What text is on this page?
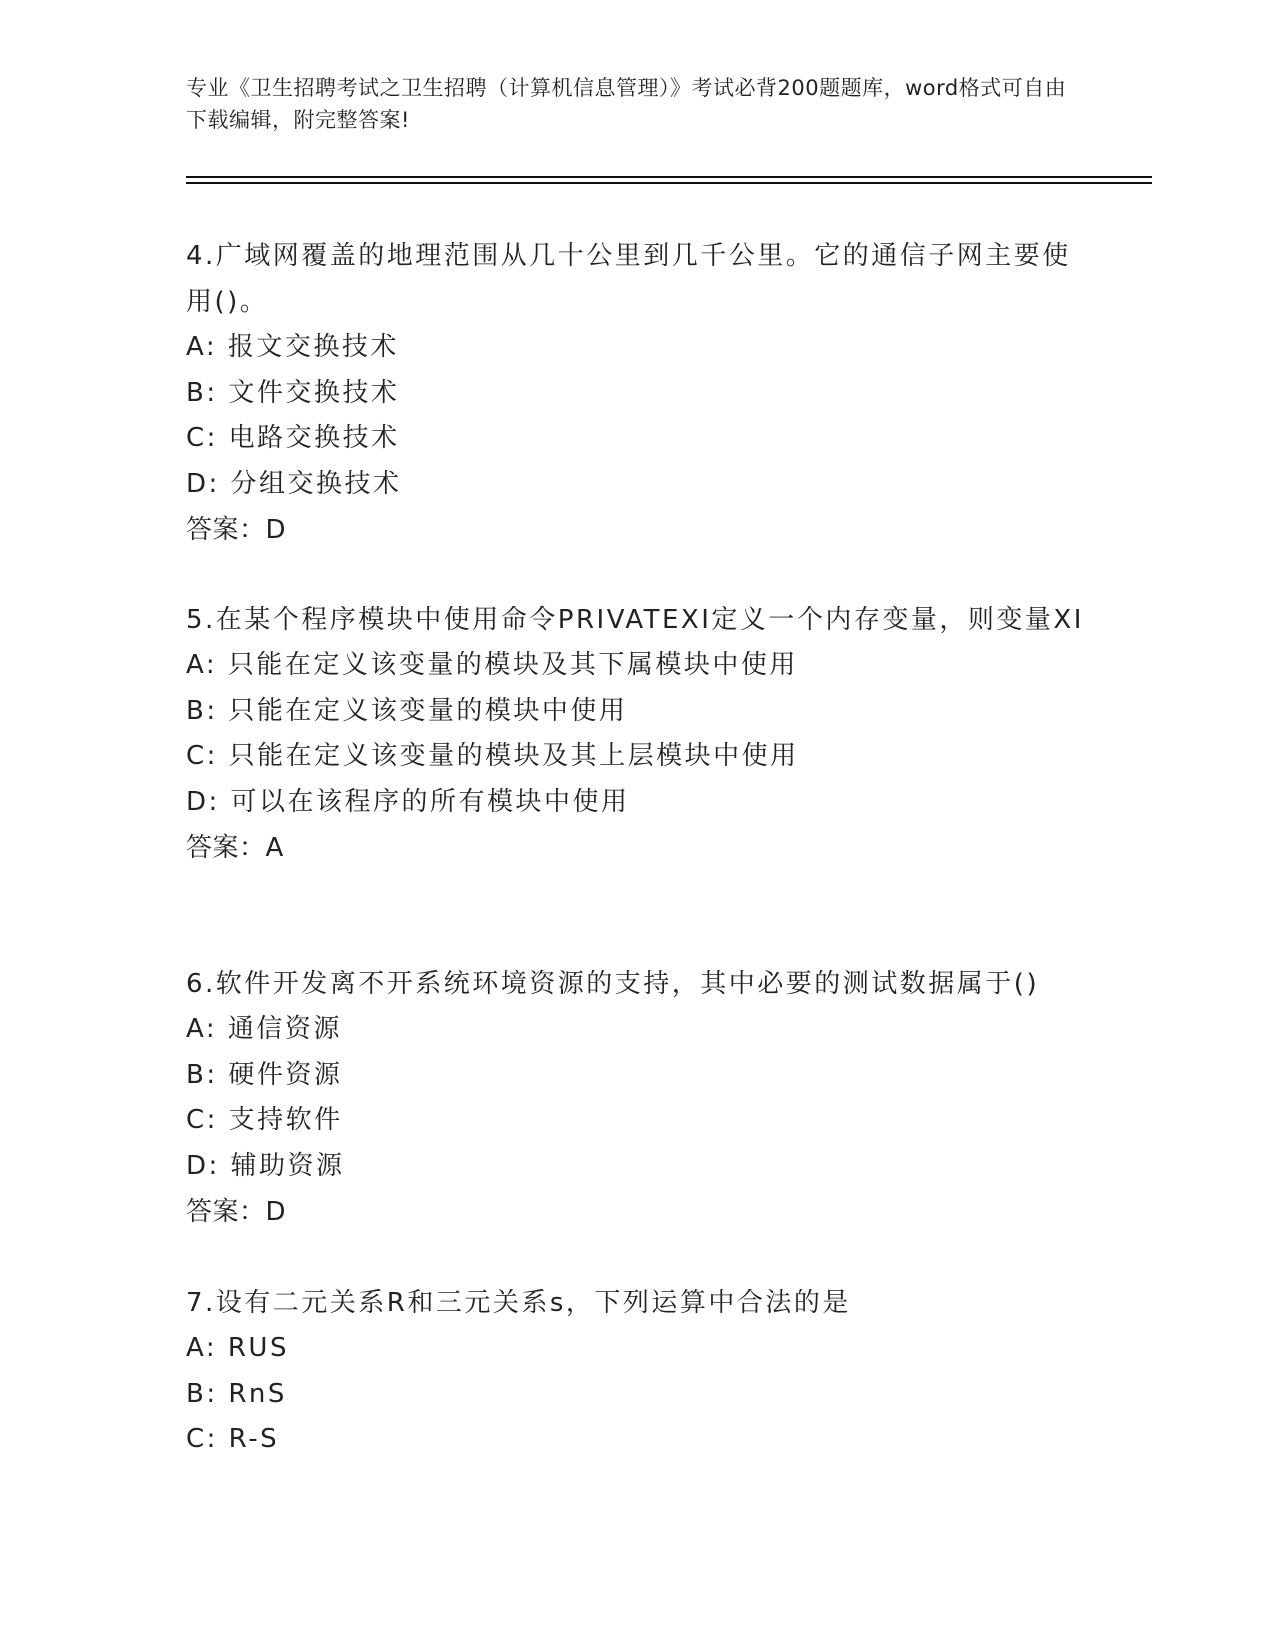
专业《卫生招聘考试之卫生招聘（计算机信息管理）》考试必背200题题库，word格式可自由下载编辑，附完整答案!

4.广域网覆盖的地理范围从几十公里到几千公里。它的通信子网主要使用()。

A: 报文交换技术

B: 文件交换技术

C: 电路交换技术

D: 分组交换技术

答案：D

5.在某个程序模块中使用命令PRIVATEXI定义一个内存变量，则变量XI

A: 只能在定义该变量的模块及其下属模块中使用

B: 只能在定义该变量的模块中使用

C: 只能在定义该变量的模块及其上层模块中使用

D: 可以在该程序的所有模块中使用

答案：A

6.软件开发离不开系统环境资源的支持，其中必要的测试数据属于()

A: 通信资源

B: 硬件资源

C: 支持软件

D: 辅助资源

答案：D

7.设有二元关系R和三元关系s，下列运算中合法的是

A: RUS

B: RnS

C: R-S
